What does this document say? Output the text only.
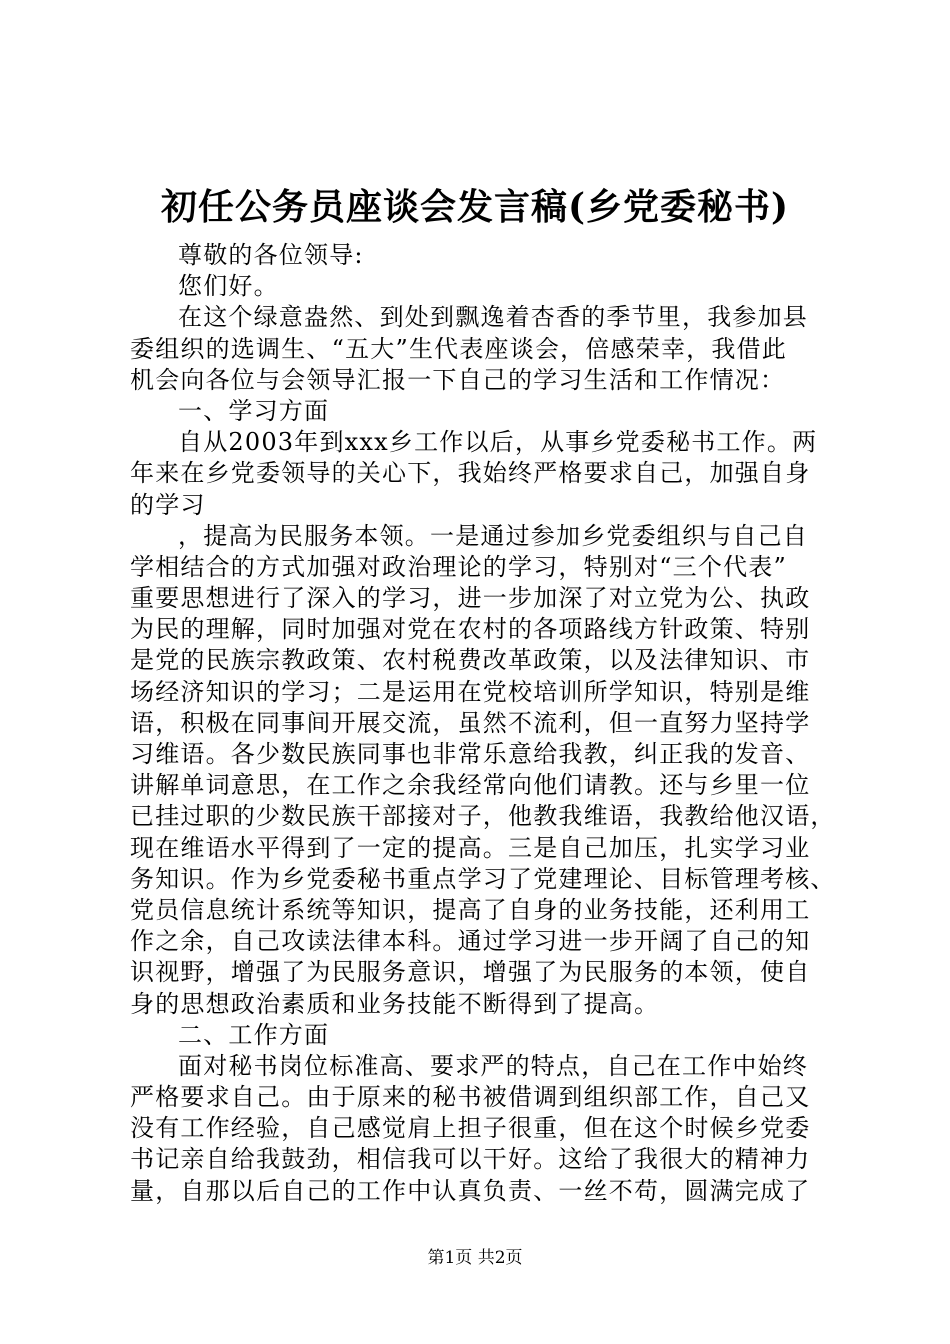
初任公务员座谈会发言稿(乡党委秘书)
尊敬的各位领导:
您们好。
在这个绿意盎然、到处到飘逸着杏香的季节里，我参加县
委组织的选调生、“五大”生代表座谈会，倍感荣幸，我借此
机会向各位与会领导汇报一下自己的学习生活和工作情况：
一、学习方面
自从2003年到xxx乡工作以后，从事乡党委秘书工作。两
年来在乡党委领导的关心下，我始终严格要求自己，加强自身
的学习
，提高为民服务本领。一是通过参加乡党委组织与自己自
学相结合的方式加强对政治理论的学习，特别对“三个代表”
重要思想进行了深入的学习，进一步加深了对立党为公、执政
为民的理解，同时加强对党在农村的各项路线方针政策、特别
是党的民族宗教政策、农村税费改革政策，以及法律知识、市
场经济知识的学习；二是运用在党校培训所学知识，特别是维
语，积极在同事间开展交流，虽然不流利，但一直努力坚持学
习维语。各少数民族同事也非常乐意给我教，纠正我的发音、
讲解单词意思，在工作之余我经常向他们请教。还与乡里一位
已挂过职的少数民族干部接对子，他教我维语，我教给他汉语，
现在维语水平得到了一定的提高。三是自己加压，扎实学习业
务知识。作为乡党委秘书重点学习了党建理论、目标管理考核、
党员信息统计系统等知识，提高了自身的业务技能，还利用工
作之余，自己攻读法律本科。通过学习进一步开阔了自己的知
识视野，增强了为民服务意识，增强了为民服务的本领，使自
身的思想政治素质和业务技能不断得到了提高。
二、工作方面
面对秘书岗位标准高、要求严的特点，自己在工作中始终
严格要求自己。由于原来的秘书被借调到组织部工作，自己又
没有工作经验，自己感觉肩上担子很重，但在这个时候乡党委
书记亲自给我鼓劲，相信我可以干好。这给了我很大的精神力
量，自那以后自己的工作中认真负责、一丝不苟，圆满完成了
第1页 共2页
